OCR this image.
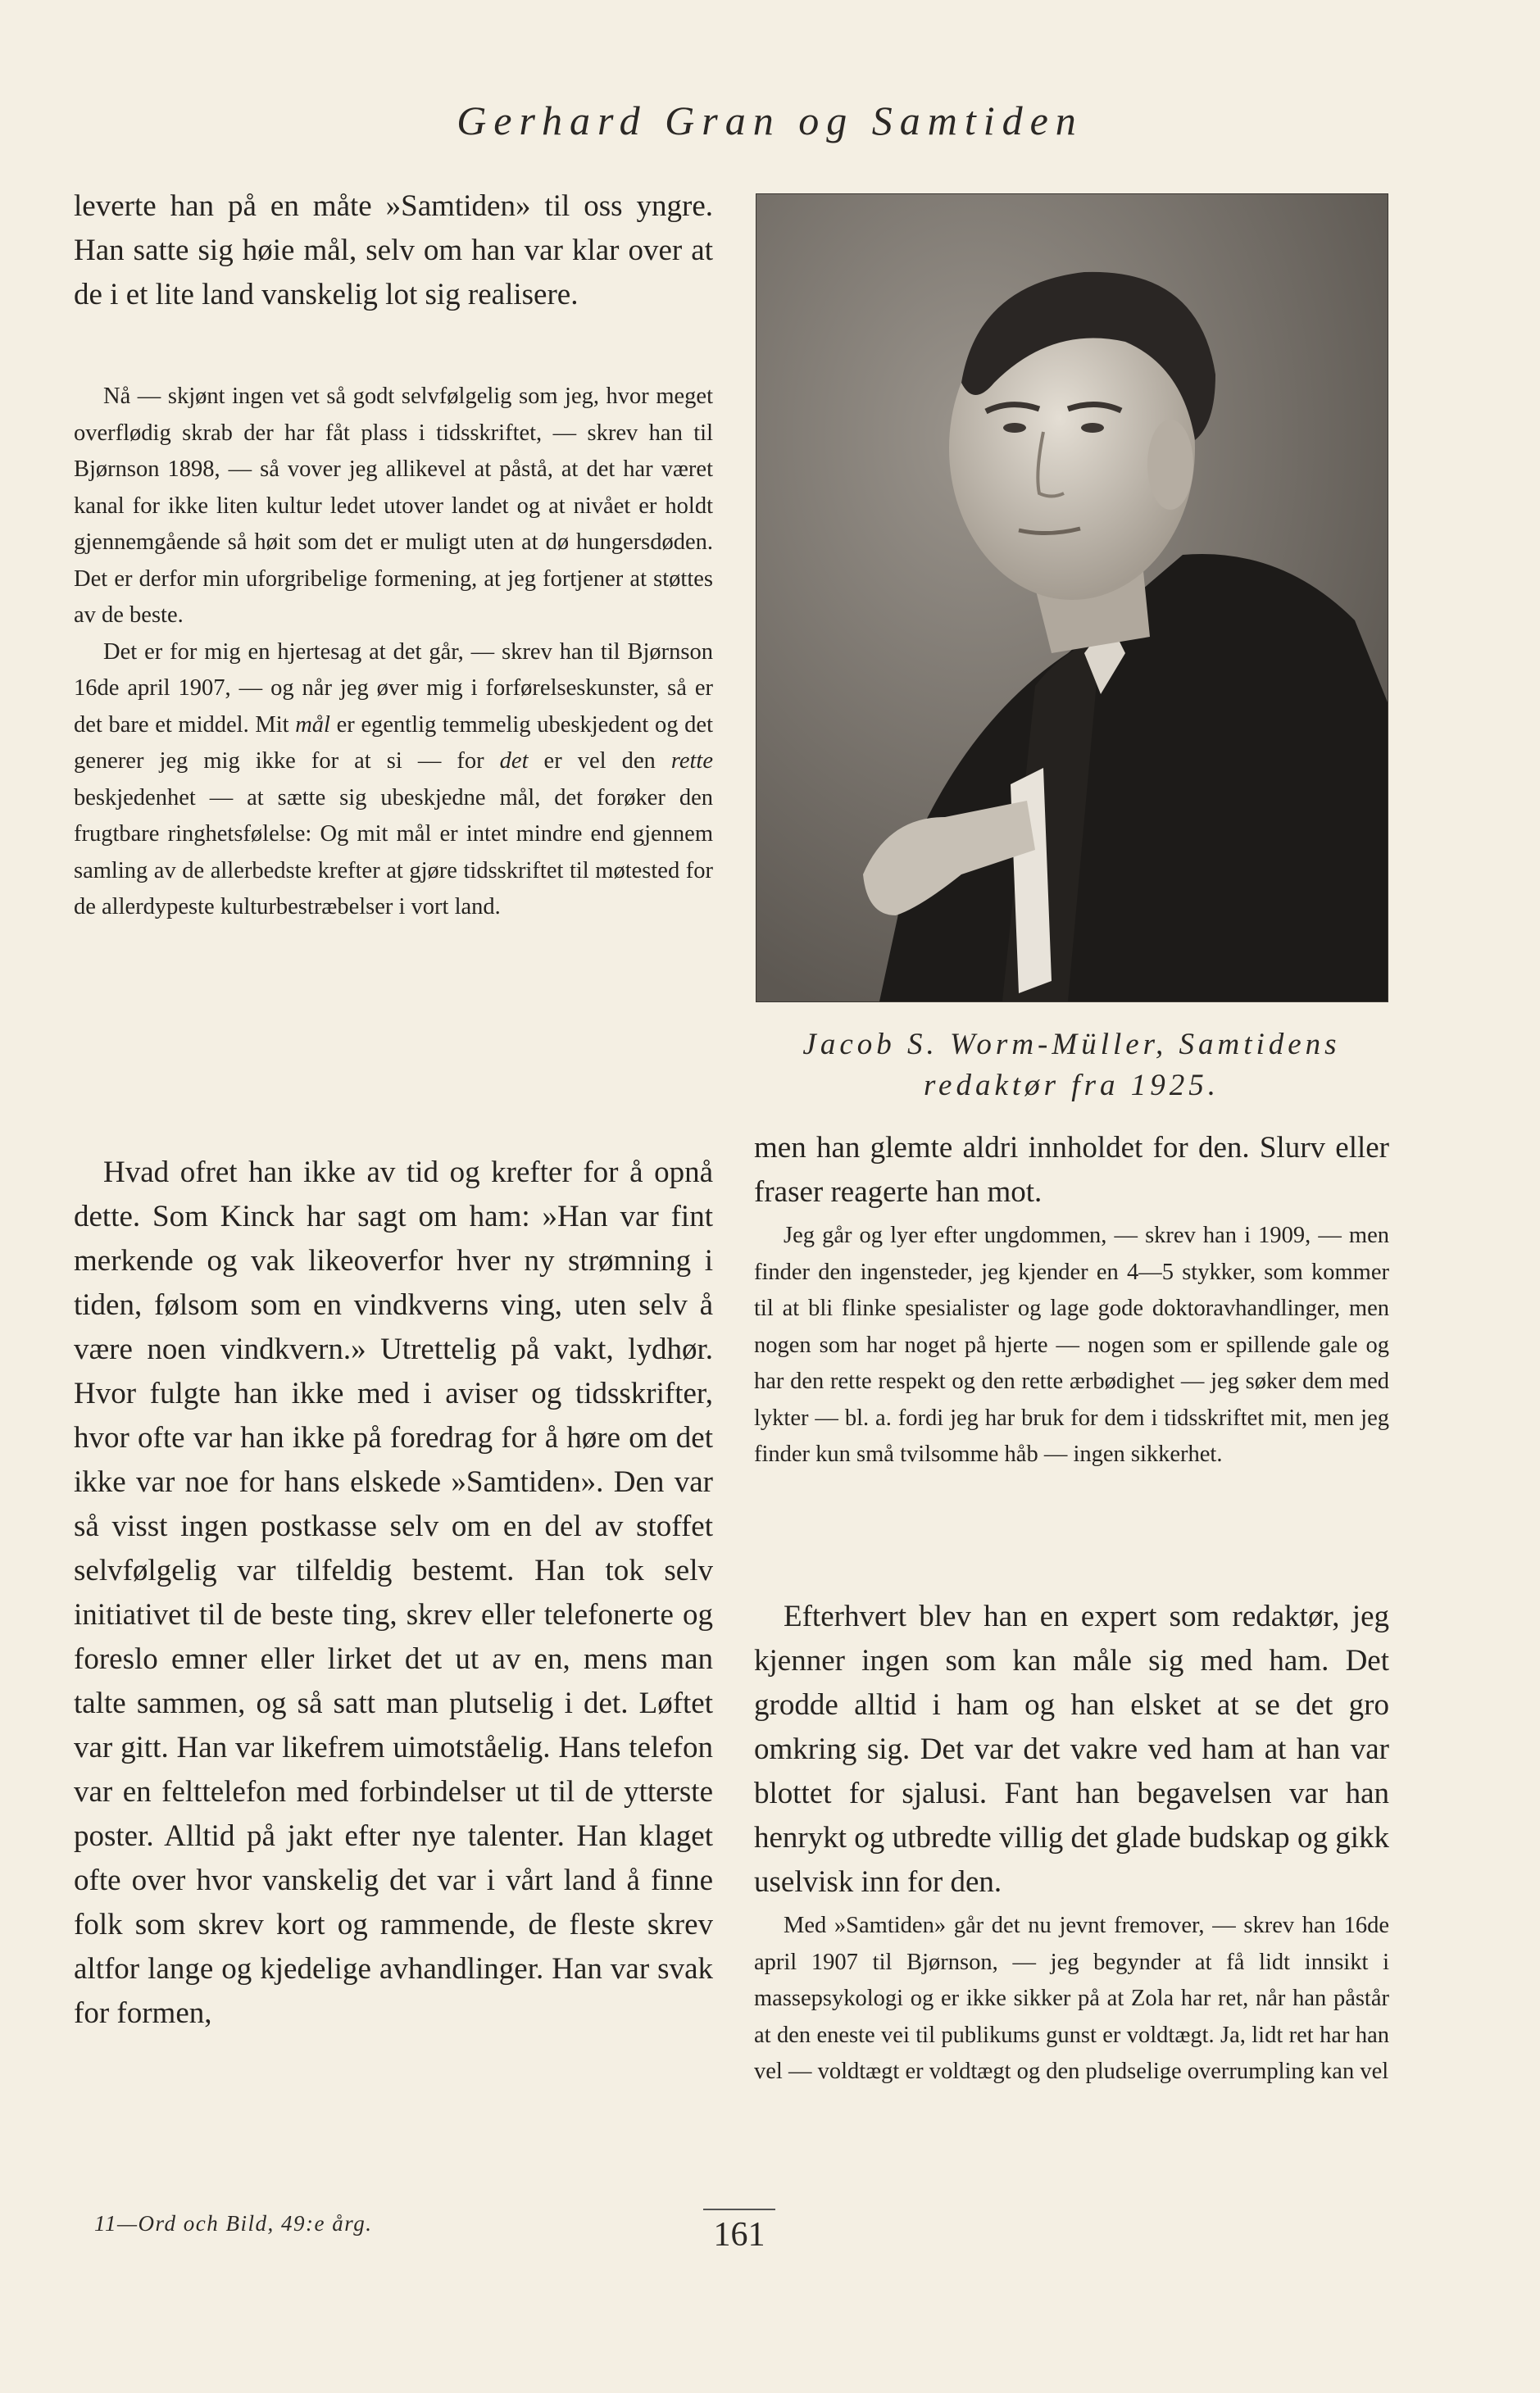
Gerhard Gran og Samtiden

leverte han på en måte »Samtiden» til oss yngre. Han satte sig høie mål, selv om han var klar over at de i et lite land vanskelig lot sig realisere.

Nå — skjønt ingen vet så godt selvfølgelig som jeg, hvor meget overflødig skrab der har fåt plass i tidsskriftet, — skrev han til Bjørnson 1898, — så vover jeg allikevel at påstå, at det har været kanal for ikke liten kultur ledet utover landet og at nivået er holdt gjennemgående så høit som det er muligt uten at dø hungersdøden. Det er derfor min uforgribelige formening, at jeg fortjener at støttes av de beste.

Det er for mig en hjertesag at det går, — skrev han til Bjørnson 16de april 1907, — og når jeg øver mig i forførelseskunster, så er det bare et middel. Mit mål er egentlig temmelig ubeskjedent og det generer jeg mig ikke for at si — for det er vel den rette beskjedenhet — at sætte sig ubeskjedne mål, det forøker den frugtbare ringhetsfølelse: Og mit mål er intet mindre end gjennem samling av de allerbedste krefter at gjøre tidsskriftet til møtested for de allerdypeste kulturbestræbelser i vort land.

Hvad ofret han ikke av tid og krefter for å opnå dette. Som Kinck har sagt om ham: »Han var fint merkende og vak likeoverfor hver ny strømning i tiden, følsom som en vindkverns ving, uten selv å være noen vindkvern.» Utrettelig på vakt, lydhør. Hvor fulgte han ikke med i aviser og tidsskrifter, hvor ofte var han ikke på foredrag for å høre om det ikke var noe for hans elskede »Samtiden». Den var så visst ingen postkasse selv om en del av stoffet selvfølgelig var tilfeldig bestemt. Han tok selv initiativet til de beste ting, skrev eller telefonerte og foreslo emner eller lirket det ut av en, mens man talte sammen, og så satt man plutselig i det. Løftet var gitt. Han var likefrem uimotståelig. Hans telefon var en felttelefon med forbindelser ut til de ytterste poster. Alltid på jakt efter nye talenter. Han klaget ofte over hvor vanskelig det var i vårt land å finne folk som skrev kort og rammende, de fleste skrev altfor lange og kjedelige avhandlinger. Han var svak for formen,

Jacob S. Worm-Müller, Samtidens redaktør fra 1925.

men han glemte aldri innholdet for den. Slurv eller fraser reagerte han mot.

Jeg går og lyer efter ungdommen, — skrev han i 1909, — men finder den ingensteder, jeg kjender en 4—5 stykker, som kommer til at bli flinke spesialister og lage gode doktoravhandlinger, men nogen som har noget på hjerte — nogen som er spillende gale og har den rette respekt og den rette ærbødighet — jeg søker dem med lykter — bl. a. fordi jeg har bruk for dem i tidsskriftet mit, men jeg finder kun små tvilsomme håb — ingen sikkerhet.

Efterhvert blev han en expert som redaktør, jeg kjenner ingen som kan måle sig med ham. Det grodde alltid i ham og han elsket at se det gro omkring sig. Det var det vakre ved ham at han var blottet for sjalusi. Fant han begavelsen var han henrykt og utbredte villig det glade budskap og gikk uselvisk inn for den.

Med »Samtiden» går det nu jevnt fremover, — skrev han 16de april 1907 til Bjørnson, — jeg begynder at få lidt innsikt i massepsykologi og er ikke sikker på at Zola har ret, når han påstår at den eneste vei til publikums gunst er voldtægt. Ja, lidt ret har han vel — voldtægt er voldtægt og den pludselige overrumpling kan vel

11—Ord och Bild, 49:e årg.	161
